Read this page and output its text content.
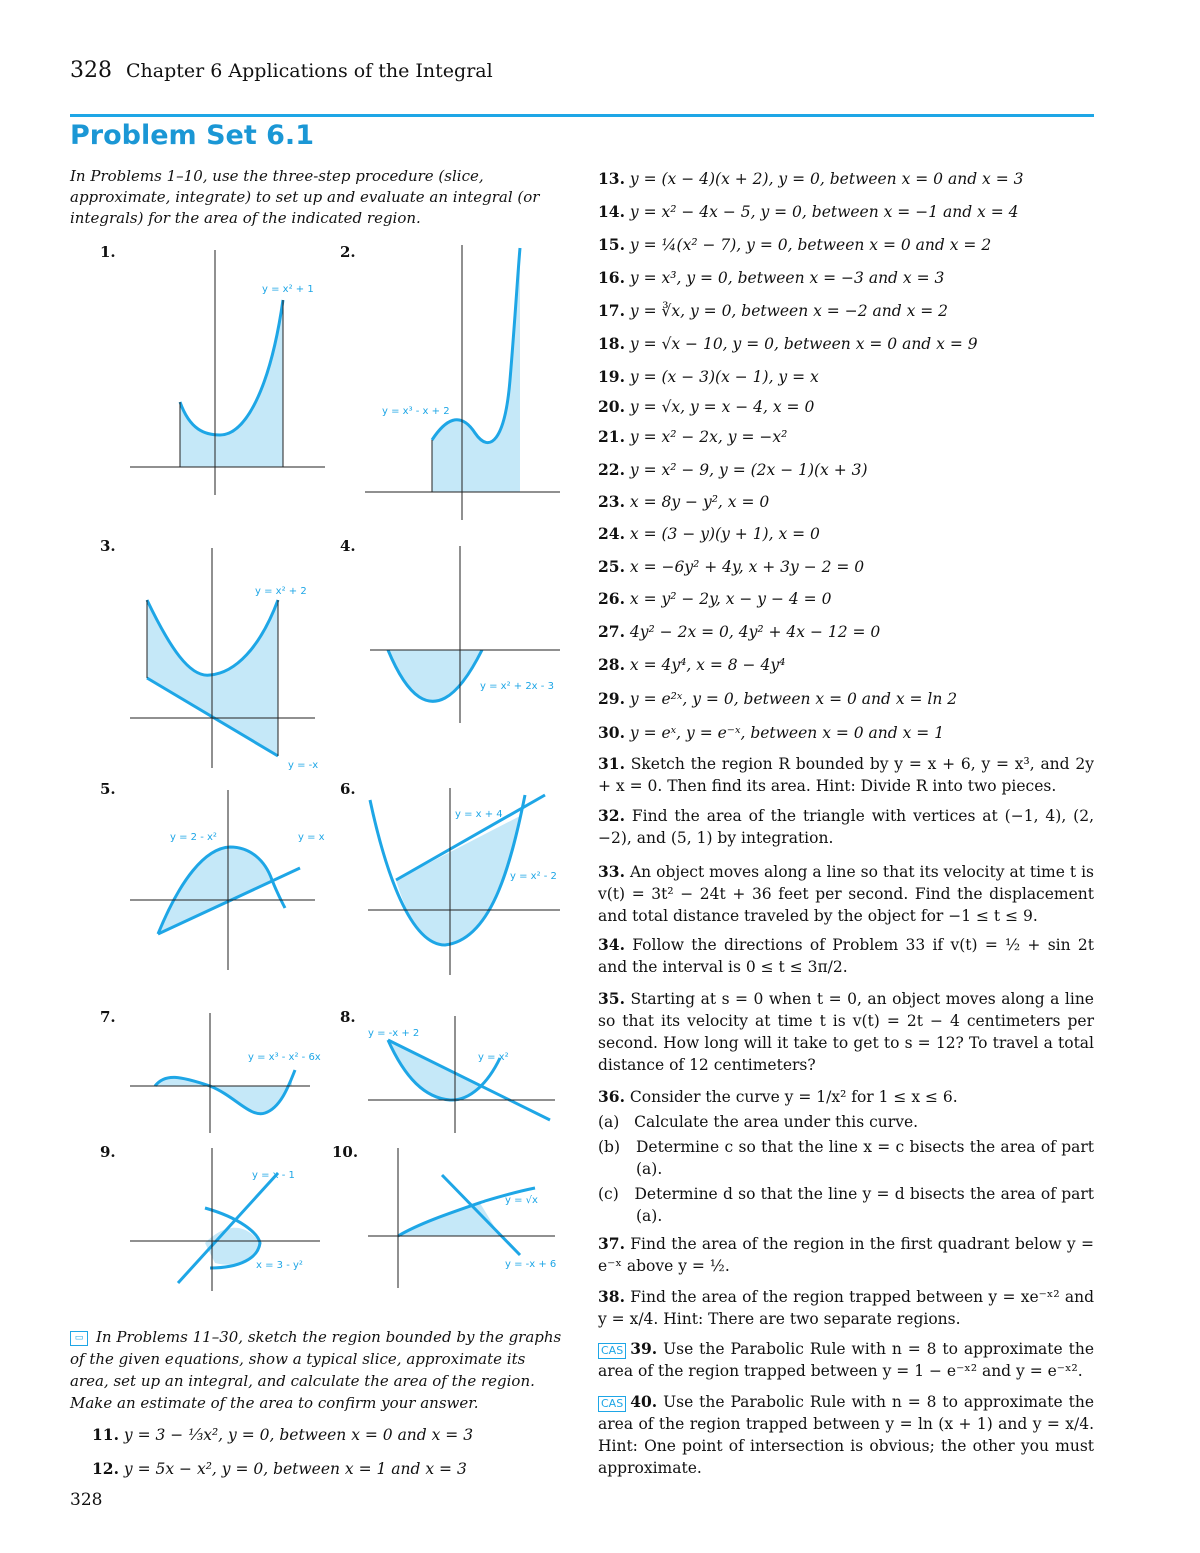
328 Chapter 6 Applications of the Integral
Problem Set 6.1
In Problems 1–10, use the three-step procedure (slice, approximate, integrate) to set up and evaluate an integral (or integrals) for the area of the indicated region.
1.
y = x² + 1
2.
y = x³ - x + 2
3.
y = x² + 2
y = -x
4.
y = x² + 2x - 3
5.
y = 2 - x²	y = x
6.
y = x + 4
y = x² - 2
7.
y = x³ - x² - 6x
8.
y = -x + 2
y = x²
9.
y = x - 1
x = 3 - y²
10.
y = √x
y = -x + 6
▭ In Problems 11–30, sketch the region bounded by the graphs of the given equations, show a typical slice, approximate its area, set up an integral, and calculate the area of the region. Make an estimate of the area to confirm your answer.
11. y = 3 − ⅓x², y = 0, between x = 0 and x = 3
12. y = 5x − x², y = 0, between x = 1 and x = 3
328
13. y = (x − 4)(x + 2), y = 0, between x = 0 and x = 3
14. y = x² − 4x − 5, y = 0, between x = −1 and x = 4
15. y = ¼(x² − 7), y = 0, between x = 0 and x = 2
16. y = x³, y = 0, between x = −3 and x = 3
17. y = ∛x, y = 0, between x = −2 and x = 2
18. y = √x − 10, y = 0, between x = 0 and x = 9
19. y = (x − 3)(x − 1), y = x
20. y = √x, y = x − 4, x = 0
21. y = x² − 2x, y = −x²
22. y = x² − 9, y = (2x − 1)(x + 3)
23. x = 8y − y², x = 0
24. x = (3 − y)(y + 1), x = 0
25. x = −6y² + 4y, x + 3y − 2 = 0
26. x = y² − 2y, x − y − 4 = 0
27. 4y² − 2x = 0, 4y² + 4x − 12 = 0
28. x = 4y⁴, x = 8 − 4y⁴
29. y = e²ˣ, y = 0, between x = 0 and x = ln 2
30. y = eˣ, y = e⁻ˣ, between x = 0 and x = 1
31. Sketch the region R bounded by y = x + 6, y = x³, and 2y + x = 0. Then find its area. Hint: Divide R into two pieces.
32. Find the area of the triangle with vertices at (−1, 4), (2, −2), and (5, 1) by integration.
33. An object moves along a line so that its velocity at time t is v(t) = 3t² − 24t + 36 feet per second. Find the displacement and total distance traveled by the object for −1 ≤ t ≤ 9.
34. Follow the directions of Problem 33 if v(t) = ½ + sin 2t and the interval is 0 ≤ t ≤ 3π/2.
35. Starting at s = 0 when t = 0, an object moves along a line so that its velocity at time t is v(t) = 2t − 4 centimeters per second. How long will it take to get to s = 12? To travel a total distance of 12 centimeters?
36. Consider the curve y = 1/x² for 1 ≤ x ≤ 6.
(a) Calculate the area under this curve.
(b) Determine c so that the line x = c bisects the area of part (a).
(c) Determine d so that the line y = d bisects the area of part (a).
37. Find the area of the region in the first quadrant below y = e⁻ˣ above y = ½.
38. Find the area of the region trapped between y = xe⁻ˣ² and y = x/4. Hint: There are two separate regions.
CAS 39. Use the Parabolic Rule with n = 8 to approximate the area of the region trapped between y = 1 − e⁻ˣ² and y = e⁻ˣ².
CAS 40. Use the Parabolic Rule with n = 8 to approximate the area of the region trapped between y = ln (x + 1) and y = x/4. Hint: One point of intersection is obvious; the other you must approximate.
